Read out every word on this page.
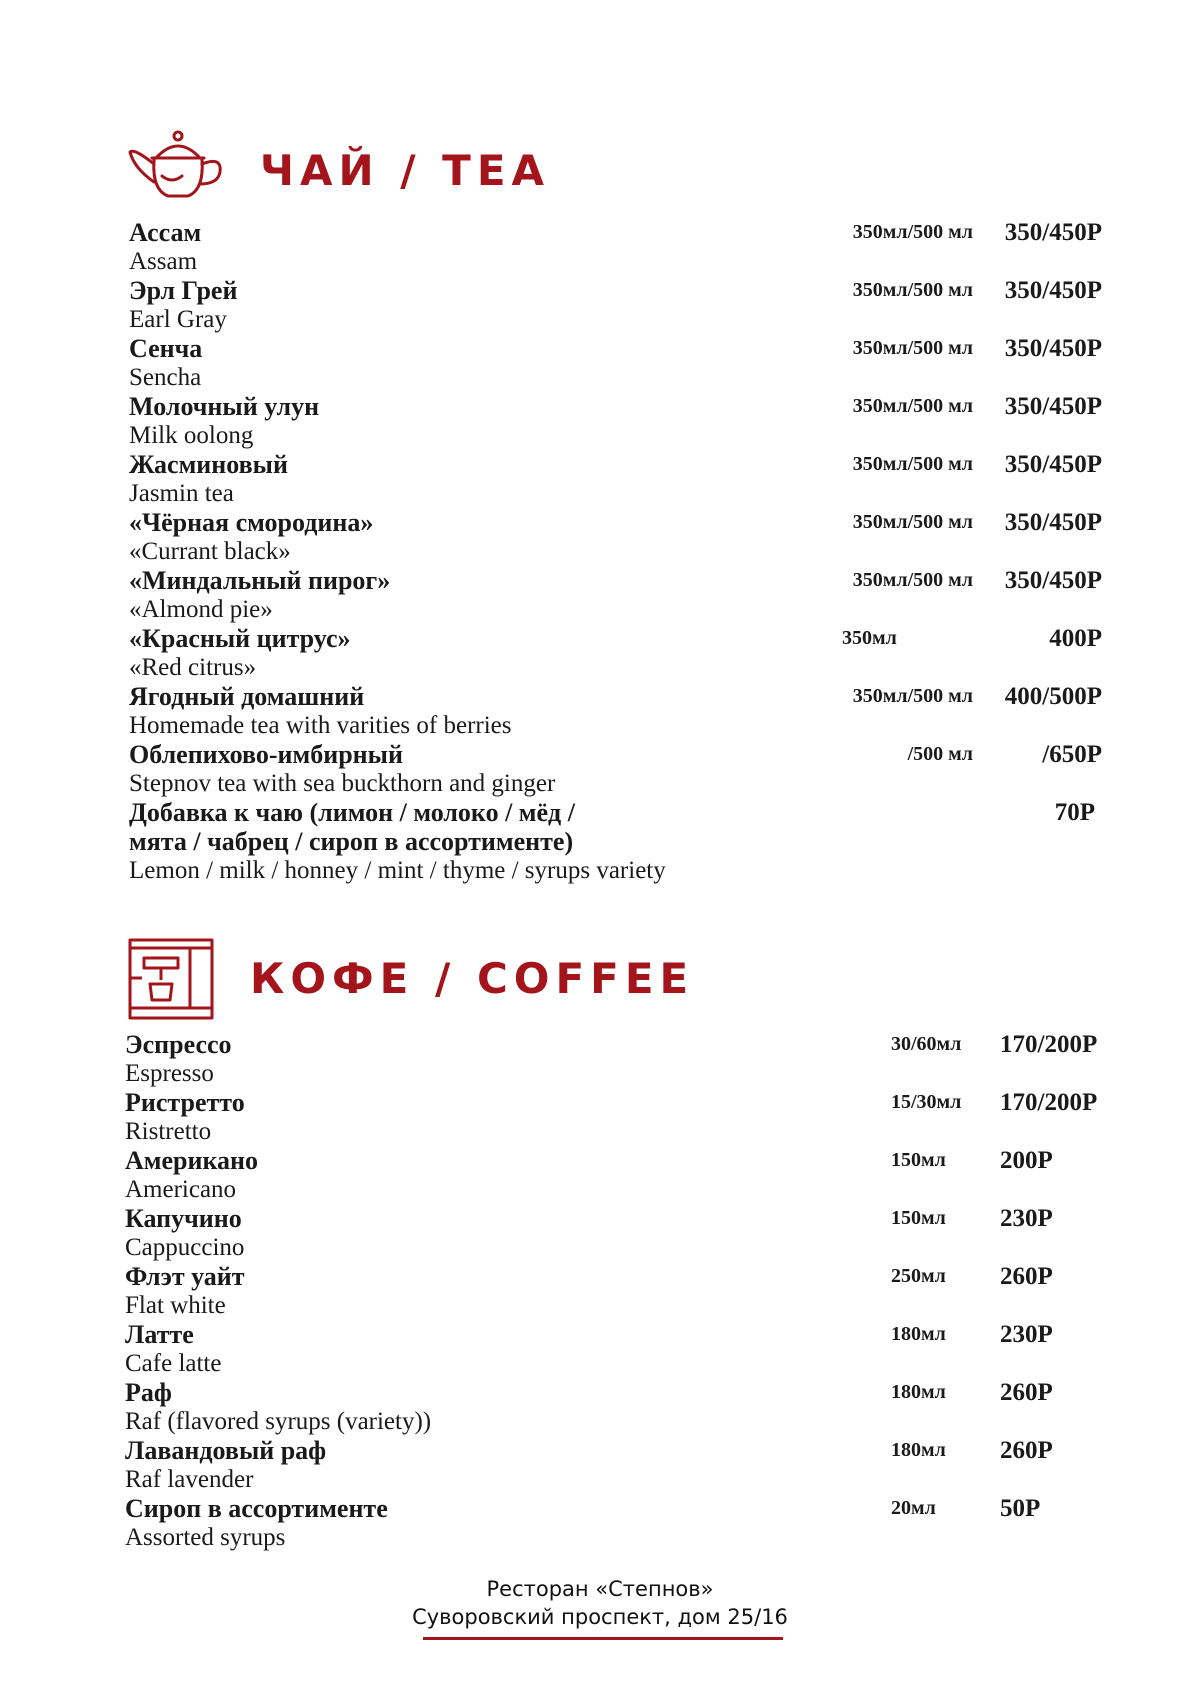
ЧАЙ / TEA
Ассам
Assam
350мл/500 мл 350/450Р
Эрл Грей
Earl Gray
350мл/500 мл 350/450Р
Сенча
Sencha
350мл/500 мл 350/450Р
Молочный улун
Milk oolong
350мл/500 мл 350/450Р
Жасминовый
Jasmin tea
350мл/500 мл 350/450Р
«Чёрная смородина»
«Currant black»
350мл/500 мл 350/450Р
«Миндальный пирог»
«Almond pie»
350мл/500 мл 350/450Р
«Красный цитрус»
«Red citrus»
350мл	400Р
Ягодный домашний
Homemade tea with varities of berries
350мл/500 мл 400/500Р
Облепихово-имбирный
Stepnov tea with sea buckthorn and ginger
/500 мл	/650Р
Добавка к чаю (лимон / молоко / мёд /
мята / чабрец / сироп в ассортименте)
Lemon / milk / honney / mint / thyme / syrups variety
70Р
КОФЕ / COFFEE
Эспрессо
Espresso
30/60мл 170/200Р
Ристретто
Ristretto
15/30мл 170/200Р
Американо
Americano
150мл 200Р
Капучино
Cappuccino
150мл 230Р
Флэт уайт
Flat white
250мл 260Р
Латте
Cafe latte
180мл 230Р
Раф
Raf (flavored syrups (variety))
180мл 260Р
Лавандовый раф
Raf lavender
180мл 260Р
Сироп в ассортименте
Assorted syrups
20мл	50Р
Ресторан «Степнов»
Суворовский проспект, дом 25/16
